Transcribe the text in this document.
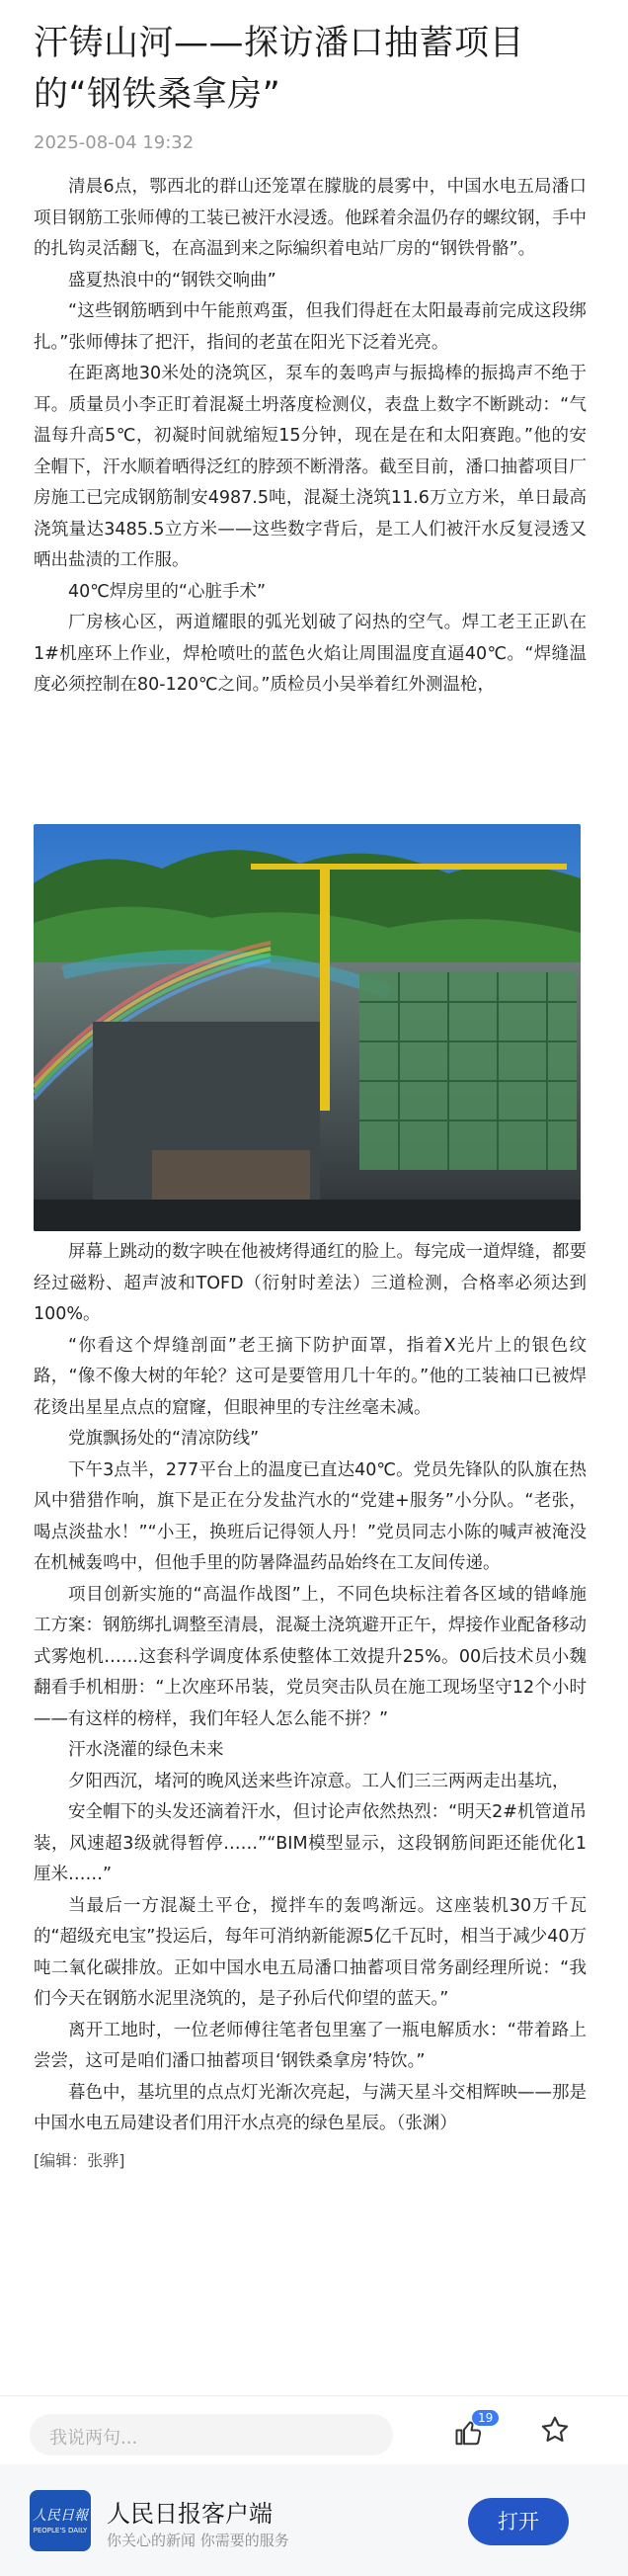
汗铸山河——探访潘口抽蓄项目的“钢铁桑拿房”
2025-08-04 19:32

清晨6点，鄂西北的群山还笼罩在朦胧的晨雾中，中国水电五局潘口项目钢筋工张师傅的工装已被汗水浸透。他踩着余温仍存的螺纹钢，手中的扎钩灵活翻飞，在高温到来之际编织着电站厂房的“钢铁骨骼”。

盛夏热浪中的“钢铁交响曲”

“这些钢筋晒到中午能煎鸡蛋，但我们得赶在太阳最毒前完成这段绑扎。”张师傅抹了把汗，指间的老茧在阳光下泛着光亮。

在距离地30米处的浇筑区，泵车的轰鸣声与振捣棒的振捣声不绝于耳。质量员小李正盯着混凝土坍落度检测仪，表盘上数字不断跳动：“气温每升高5℃，初凝时间就缩短15分钟，现在是在和太阳赛跑。”他的安全帽下，汗水顺着晒得泛红的脖颈不断滑落。截至目前，潘口抽蓄项目厂房施工已完成钢筋制安4987.5吨，混凝土浇筑11.6万立方米，单日最高浇筑量达3485.5立方米——这些数字背后，是工人们被汗水反复浸透又晒出盐渍的工作服。

40℃焊房里的“心脏手术”

厂房核心区，两道耀眼的弧光划破了闷热的空气。焊工老王正趴在1#机座环上作业，焊枪喷吐的蓝色火焰让周围温度直逼40℃。“焊缝温度必须控制在80-120℃之间。”质检员小吴举着红外测温枪，

屏幕上跳动的数字映在他被烤得通红的脸上。每完成一道焊缝，都要经过磁粉、超声波和TOFD（衍射时差法）三道检测，合格率必须达到100%。

“你看这个焊缝剖面”老王摘下防护面罩，指着X光片上的银色纹路，“像不像大树的年轮？这可是要管用几十年的。”他的工装袖口已被焊花烫出星星点点的窟窿，但眼神里的专注丝毫未减。

党旗飘扬处的“清凉防线”

下午3点半，277平台上的温度已直达40℃。党员先锋队的队旗在热风中猎猎作响，旗下是正在分发盐汽水的“党建+服务”小分队。“老张，喝点淡盐水！”“小王，换班后记得领人丹！”党员同志小陈的喊声被淹没在机械轰鸣中，但他手里的防暑降温药品始终在工友间传递。

项目创新实施的“高温作战图”上，不同色块标注着各区域的错峰施工方案：钢筋绑扎调整至清晨，混凝土浇筑避开正午，焊接作业配备移动式雾炮机……这套科学调度体系使整体工效提升25%。00后技术员小魏翻看手机相册：“上次座环吊装，党员突击队员在施工现场坚守12个小时——有这样的榜样，我们年轻人怎么能不拼？”

汗水浇灌的绿色未来

夕阳西沉，堵河的晚风送来些许凉意。工人们三三两两走出基坑，

安全帽下的头发还滴着汗水，但讨论声依然热烈：“明天2#机管道吊装，风速超3级就得暂停……”“BIM模型显示，这段钢筋间距还能优化1厘米……”

当最后一方混凝土平仓，搅拌车的轰鸣渐远。这座装机30万千瓦的“超级充电宝”投运后，每年可消纳新能源5亿千瓦时，相当于减少40万吨二氧化碳排放。正如中国水电五局潘口抽蓄项目常务副经理所说：“我们今天在钢筋水泥里浇筑的，是子孙后代仰望的蓝天。”

离开工地时，一位老师傅往笔者包里塞了一瓶电解质水：“带着路上尝尝，这可是咱们潘口抽蓄项目‘钢铁桑拿房’特饮。”

暮色中，基坑里的点点灯光渐次亮起，与满天星斗交相辉映——那是中国水电五局建设者们用汗水点亮的绿色星辰。（张渊）

[编辑：张骅]
我说两句...
19
人民日報
PEOPLE'S DAILY
人民日报客户端
你关心的新闻 你需要的服务
打开
